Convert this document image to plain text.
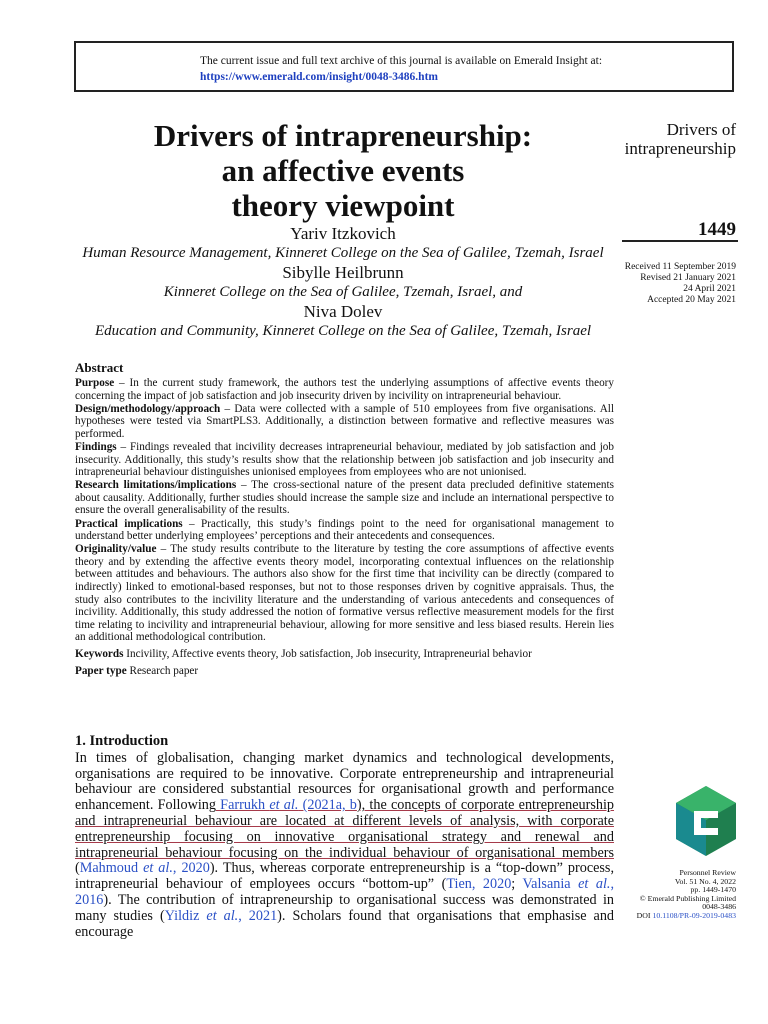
The current issue and full text archive of this journal is available on Emerald Insight at:
https://www.emerald.com/insight/0048-3486.htm
Drivers of intrapreneurship:
an affective events
theory viewpoint
Drivers of
intrapreneurship
1449
Received 11 September 2019
Revised 21 January 2021
24 April 2021
Accepted 20 May 2021
Yariv Itzkovich
Human Resource Management, Kinneret College on the Sea of Galilee, Tzemah, Israel
Sibylle Heilbrunn
Kinneret College on the Sea of Galilee, Tzemah, Israel, and
Niva Dolev
Education and Community, Kinneret College on the Sea of Galilee, Tzemah, Israel
Abstract

Purpose – In the current study framework, the authors test the underlying assumptions of affective events theory concerning the impact of job satisfaction and job insecurity driven by incivility on intrapreneurial behaviour.

Design/methodology/approach – Data were collected with a sample of 510 employees from five organisations. All hypotheses were tested via SmartPLS3. Additionally, a distinction between formative and reflective measures was performed.

Findings – Findings revealed that incivility decreases intrapreneurial behaviour, mediated by job satisfaction and job insecurity. Additionally, this study’s results show that the relationship between job satisfaction and job insecurity and intrapreneurial behaviour distinguishes unionised employees from employees who are not unionised.

Research limitations/implications – The cross-sectional nature of the present data precluded definitive statements about causality. Additionally, further studies should increase the sample size and include an international perspective to ensure the overall generalisability of the results.

Practical implications – Practically, this study’s findings point to the need for organisational management to understand better underlying employees’ perceptions and their antecedents and consequences.

Originality/value – The study results contribute to the literature by testing the core assumptions of affective events theory and by extending the affective events theory model, incorporating contextual influences on the relationship between attitudes and behaviours. The authors also show for the first time that incivility can be directly (compared to indirectly) linked to emotional-based responses, but not to those responses driven by cognitive appraisals. Thus, the study also contributes to the incivility literature and the understanding of various antecedents and consequences of incivility. Additionally, this study addressed the notion of formative versus reflective measurement models for the first time relating to incivility and intrapreneurial behaviour, allowing for more sensitive and less biased results. Herein lies an additional methodological contribution.

Keywords Incivility, Affective events theory, Job satisfaction, Job insecurity, Intrapreneurial behavior

Paper type Research paper

1. Introduction

In times of globalisation, changing market dynamics and technological developments, organisations are required to be innovative. Corporate entrepreneurship and intrapreneurial behaviour are considered substantial resources for organisational growth and performance enhancement. Following Farrukh et al. (2021a, b), the concepts of corporate entrepreneurship and intrapreneurial behaviour are located at different levels of analysis, with corporate entrepreneurship focusing on innovative organisational strategy and renewal and intrapreneurial behaviour focusing on the individual behaviour of organisational members (Mahmoud et al., 2020). Thus, whereas corporate entrepreneurship is a “top-down” process, intrapreneurial behaviour of employees occurs “bottom-up” (Tien, 2020; Valsania et al., 2016). The contribution of intrapreneurship to organisational success was demonstrated in many studies (Yildiz et al., 2021). Scholars found that organisations that emphasise and encourage

Personnel Review
Vol. 51 No. 4, 2022
pp. 1449-1470
© Emerald Publishing Limited
0048-3486
DOI 10.1108/PR-09-2019-0483
